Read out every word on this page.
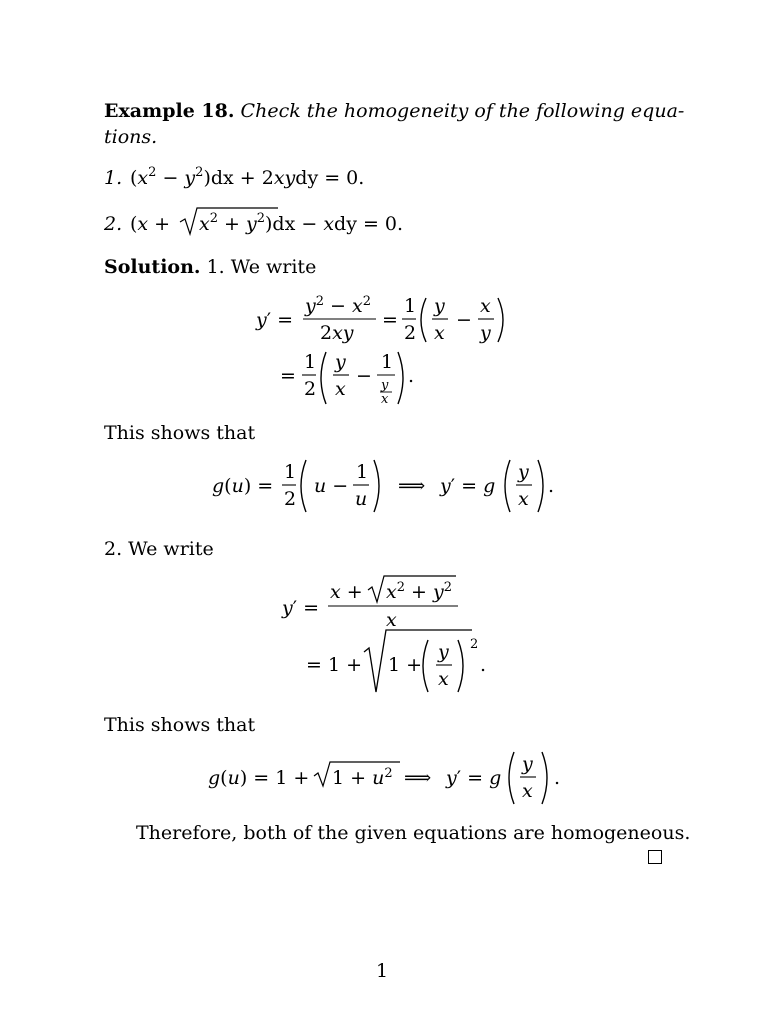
Example 18. Check the homogeneity of the following equa-
tions.
1. $(x^2 - y^2)dx$ + 2xydy = 0.
2. $(x + x^2 + y^2)dx$ − xdy = 0.
Solution. 1. We write
y′ =
$y^2 - x^2$
2xy
=
1
2
y
x
−
x
y
=
1
2
y
x
−
1
y
x
.
This shows that
g(u) =
1
2
u −
1
u
⟹ y′ = g
y
x
.
2. We write
y′ =
$x + x^2 + y^2$
x
= 1 + 1 +
y
x
2
.
This shows that
$g(u) = 1 + 1 + u^2$ ⟹ y′ = g
y
x
.
Therefore, both of the given equations are homogeneous.
1
